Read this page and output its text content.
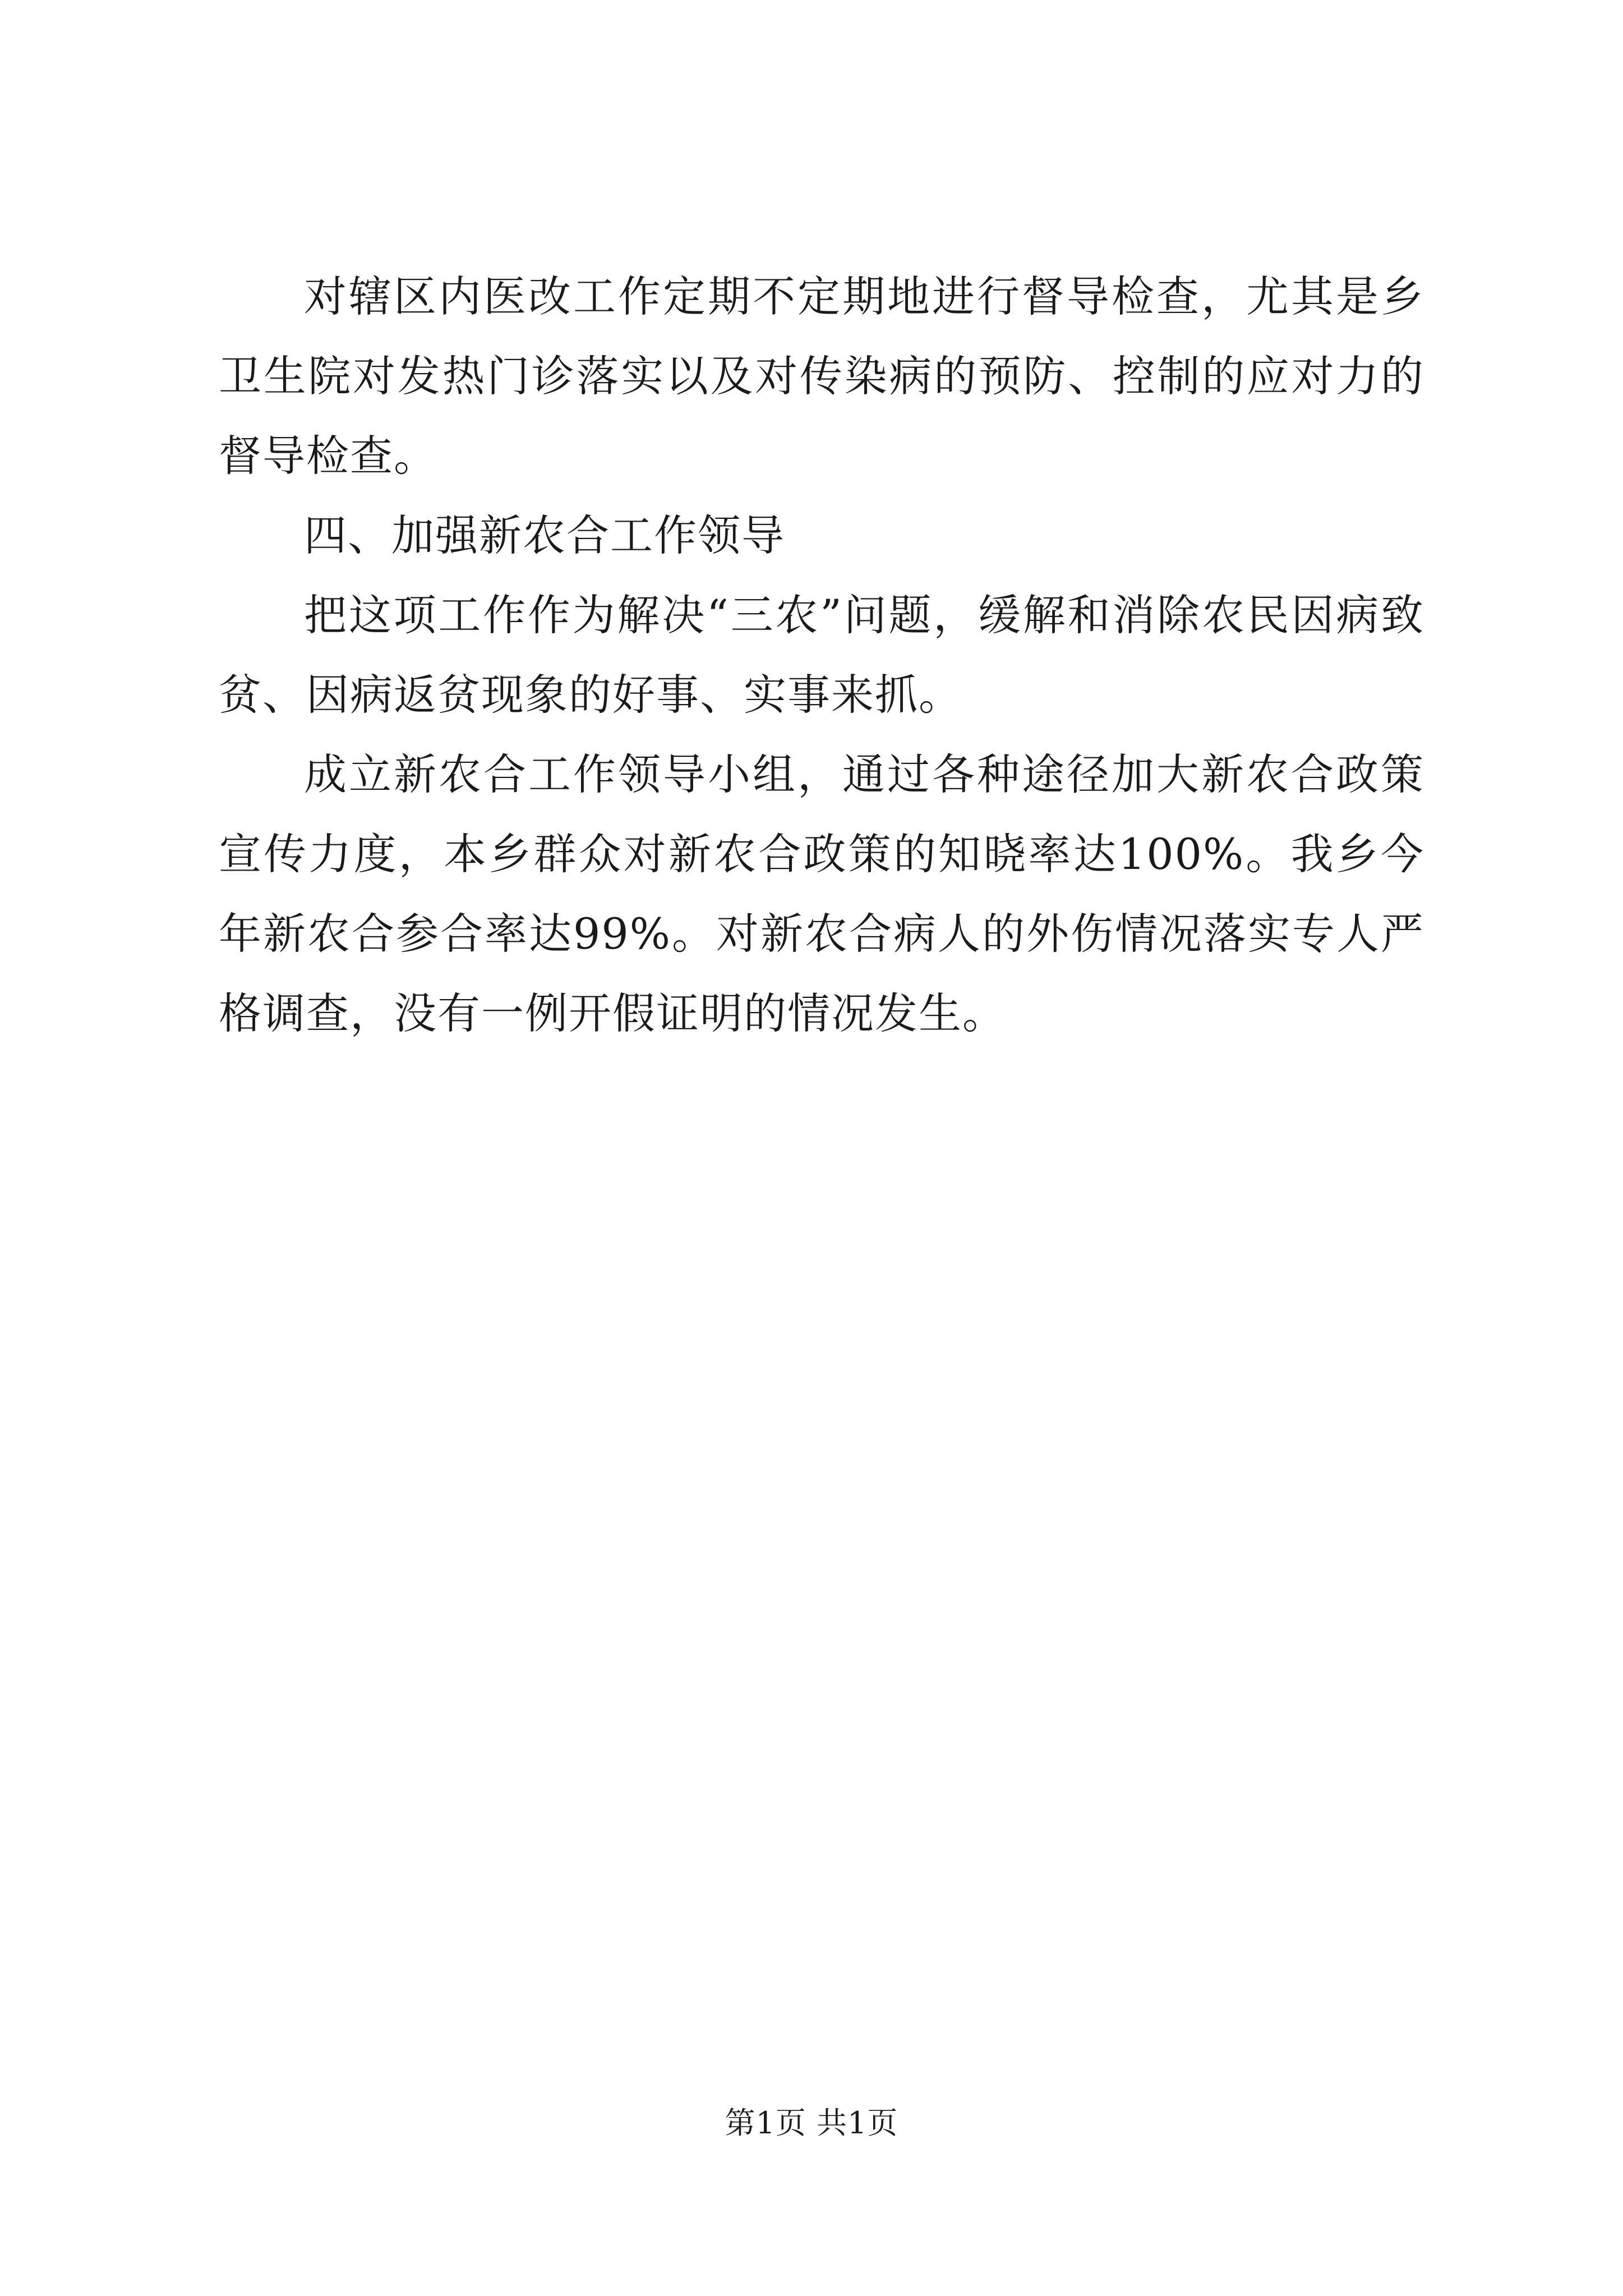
对辖区内医改工作定期不定期地进行督导检查，尤其是乡卫生院对发热门诊落实以及对传染病的预防、控制的应对力的督导检查。

四、加强新农合工作领导

把这项工作作为解决“三农”问题，缓解和消除农民因病致贫、因病返贫现象的好事、实事来抓。

成立新农合工作领导小组，通过各种途径加大新农合政策宣传力度，本乡群众对新农合政策的知晓率达100%。我乡今年新农合参合率达99%。对新农合病人的外伤情况落实专人严格调查，没有一例开假证明的情况发生。

第1页 共1页
